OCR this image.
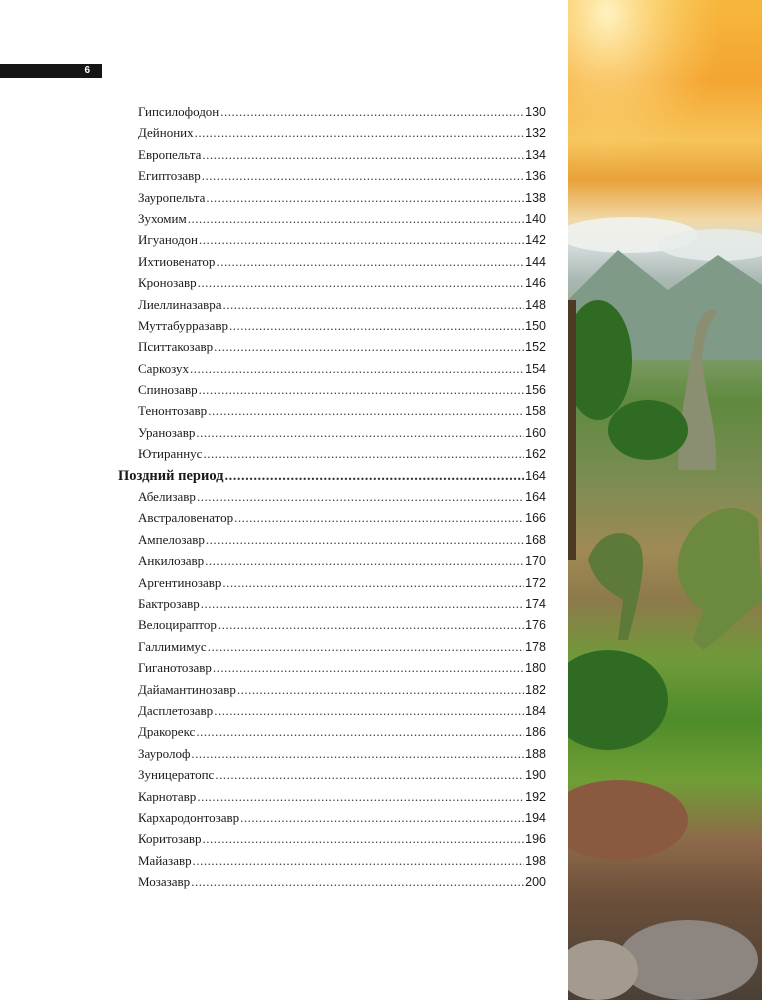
6
Гипсилофодон .....	130
Дейноних .....	132
Европельта .....	134
Египтозавр .....	136
Зауропельта .....	138
Зухомим .....	140
Игуанодон .....	142
Ихтиовенатор .....	144
Кронозавр .....	146
Лиеллиназавра .....	148
Муттабурразавр .....	150
Пситтакозавр .....	152
Саркозух .....	154
Спинозавр .....	156
Тенонтозавр .....	158
Уранозавр .....	160
Ютираннус .....	162
Поздний период .....	164
Абелизавр .....	164
Австраловенатор .....	166
Ампелозавр .....	168
Анкилозавр .....	170
Аргентинозавр .....	172
Бактрозавр .....	174
Велоцираптор .....	176
Галлимимус .....	178
Гиганотозавр .....	180
Дайамантинозавр .....	182
Дасплетозавр .....	184
Дракорекс .....	186
Зауролоф .....	188
Зуницератопс .....	190
Карнотавр .....	192
Кархародонтозавр .....	194
Коритозавр .....	196
Майазавр .....	198
Мозазавр .....	200
